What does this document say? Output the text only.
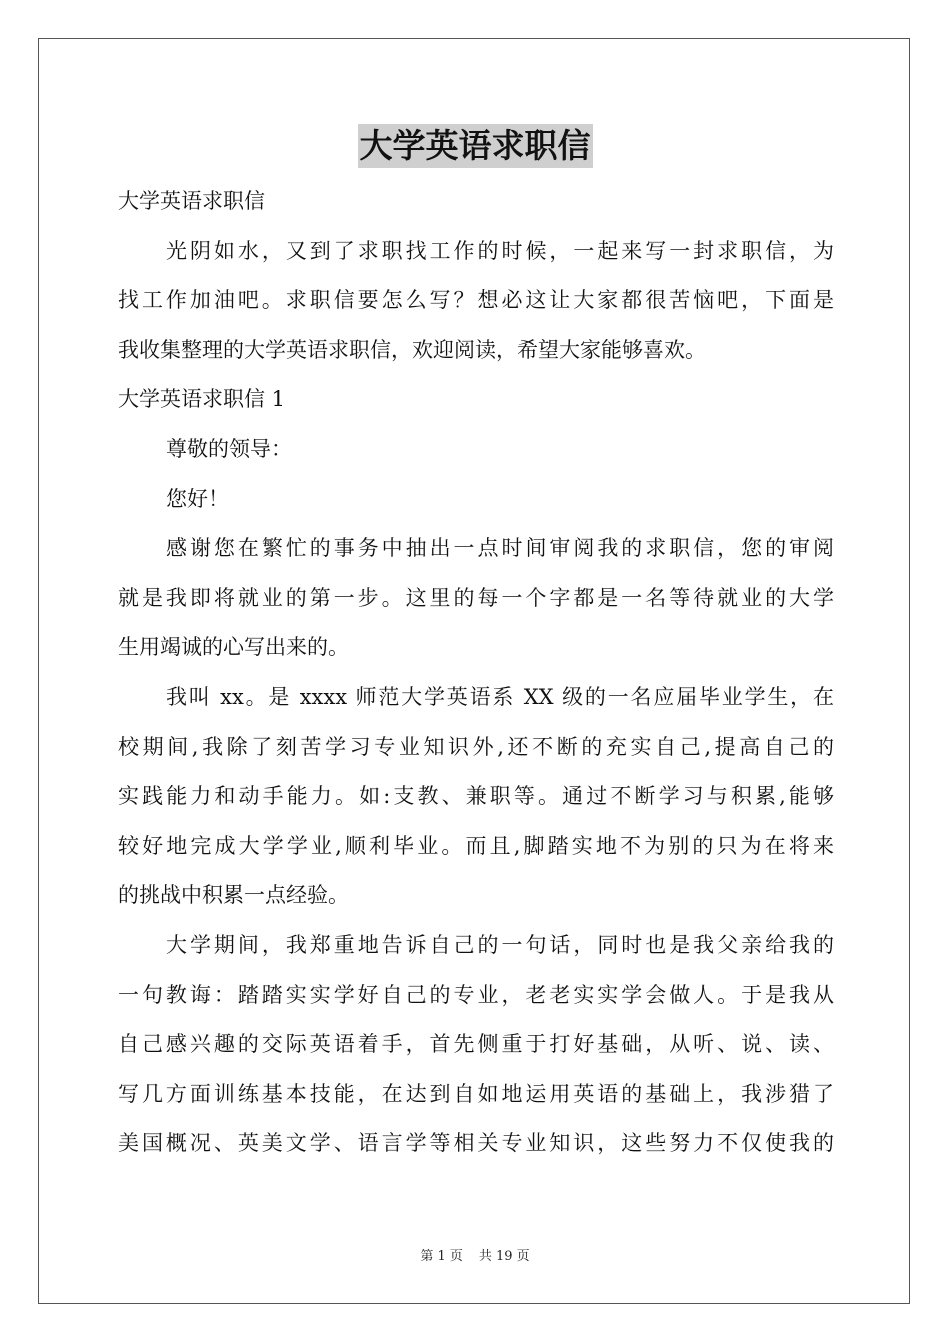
大学英语求职信
大学英语求职信
光阴如水，又到了求职找工作的时候，一起来写一封求职信，为
找工作加油吧。求职信要怎么写？想必这让大家都很苦恼吧，下面是
我收集整理的大学英语求职信，欢迎阅读，希望大家能够喜欢。
大学英语求职信 1
尊敬的领导：
您好！
感谢您在繁忙的事务中抽出一点时间审阅我的求职信，您的审阅
就是我即将就业的第一步。这里的每一个字都是一名等待就业的大学
生用竭诚的心写出来的。
我叫 xx。是 xxxx 师范大学英语系 XX 级的一名应届毕业学生，在
校期间,我除了刻苦学习专业知识外,还不断的充实自己,提高自己的
实践能力和动手能力。如:支教、兼职等。通过不断学习与积累,能够
较好地完成大学学业,顺利毕业。而且,脚踏实地不为别的只为在将来
的挑战中积累一点经验。
大学期间，我郑重地告诉自己的一句话，同时也是我父亲给我的
一句教诲：踏踏实实学好自己的专业，老老实实学会做人。于是我从
自己感兴趣的交际英语着手，首先侧重于打好基础，从听、说、读、
写几方面训练基本技能，在达到自如地运用英语的基础上，我涉猎了
美国概况、英美文学、语言学等相关专业知识，这些努力不仅使我的
第 1 页 共 19 页
